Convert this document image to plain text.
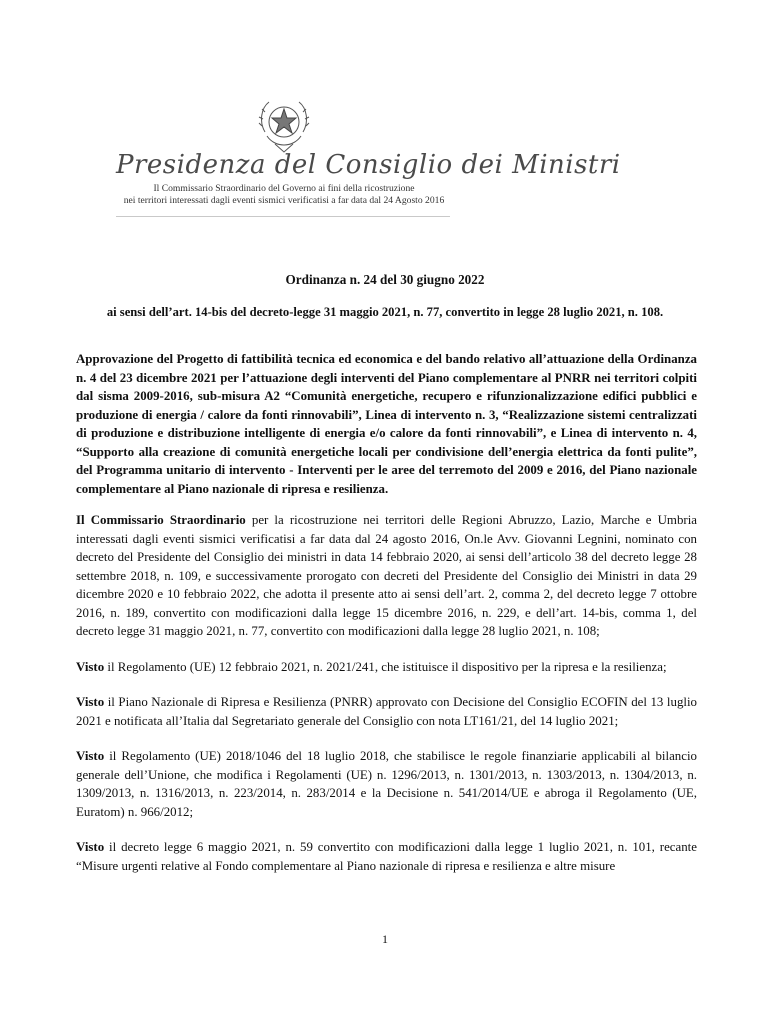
Presidenza del Consiglio dei Ministri
Il Commissario Straordinario del Governo ai fini della ricostruzione
nei territori interessati dagli eventi sismici verificatisi a far data dal 24 Agosto 2016
Ordinanza n. 24 del 30 giugno 2022
ai sensi dell’art. 14-bis del decreto-legge 31 maggio 2021, n. 77, convertito in legge 28 luglio 2021, n. 108.

Approvazione del Progetto di fattibilità tecnica ed economica e del bando relativo all’attuazione della Ordinanza n. 4 del 23 dicembre 2021 per l’attuazione degli interventi del Piano complementare al PNRR nei territori colpiti dal sisma 2009-2016, sub-misura A2 “Comunità energetiche, recupero e rifunzionalizzazione edifici pubblici e produzione di energia / calore da fonti rinnovabili”, Linea di intervento n. 3, “Realizzazione sistemi centralizzati di produzione e distribuzione intelligente di energia e/o calore da fonti rinnovabili”, e Linea di intervento n. 4, “Supporto alla creazione di comunità energetiche locali per condivisione dell’energia elettrica da fonti pulite”, del Programma unitario di intervento - Interventi per le aree del terremoto del 2009 e 2016, del Piano nazionale complementare al Piano nazionale di ripresa e resilienza.

Il Commissario Straordinario per la ricostruzione nei territori delle Regioni Abruzzo, Lazio, Marche e Umbria interessati dagli eventi sismici verificatisi a far data dal 24 agosto 2016, On.le Avv. Giovanni Legnini, nominato con decreto del Presidente del Consiglio dei ministri in data 14 febbraio 2020, ai sensi dell’articolo 38 del decreto legge 28 settembre 2018, n. 109, e successivamente prorogato con decreti del Presidente del Consiglio dei Ministri in data 29 dicembre 2020 e 10 febbraio 2022, che adotta il presente atto ai sensi dell’art. 2, comma 2, del decreto legge 7 ottobre 2016, n. 189, convertito con modificazioni dalla legge 15 dicembre 2016, n. 229, e dell’art. 14-bis, comma 1, del decreto legge 31 maggio 2021, n. 77, convertito con modificazioni dalla legge 28 luglio 2021, n. 108;

Visto il Regolamento (UE) 12 febbraio 2021, n. 2021/241, che istituisce il dispositivo per la ripresa e la resilienza;

Visto il Piano Nazionale di Ripresa e Resilienza (PNRR) approvato con Decisione del Consiglio ECOFIN del 13 luglio 2021 e notificata all’Italia dal Segretariato generale del Consiglio con nota LT161/21, del 14 luglio 2021;

Visto il Regolamento (UE) 2018/1046 del 18 luglio 2018, che stabilisce le regole finanziarie applicabili al bilancio generale dell’Unione, che modifica i Regolamenti (UE) n. 1296/2013, n. 1301/2013, n. 1303/2013, n. 1304/2013, n. 1309/2013, n. 1316/2013, n. 223/2014, n. 283/2014 e la Decisione n. 541/2014/UE e abroga il Regolamento (UE, Euratom) n. 966/2012;

Visto il decreto legge 6 maggio 2021, n. 59 convertito con modificazioni dalla legge 1 luglio 2021, n. 101, recante “Misure urgenti relative al Fondo complementare al Piano nazionale di ripresa e resilienza e altre misure

1
